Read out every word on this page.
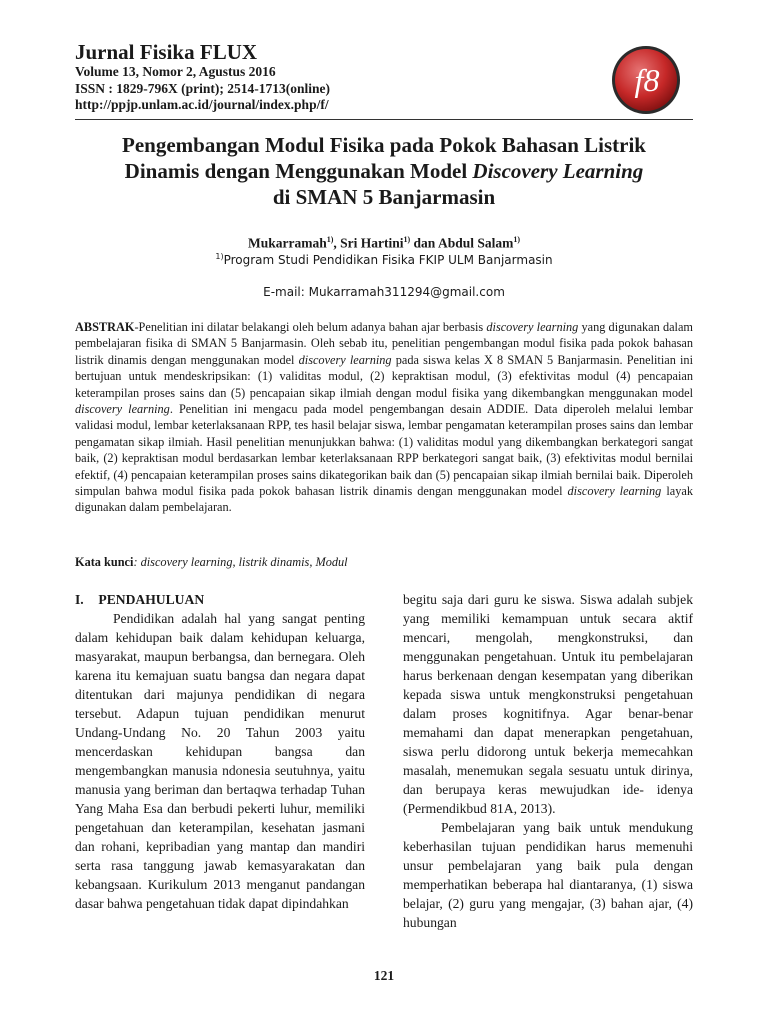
Jurnal Fisika FLUX
Volume 13, Nomor 2, Agustus 2016
ISSN : 1829-796X (print); 2514-1713(online)
http://ppjp.unlam.ac.id/journal/index.php/f/
f8
Pengembangan Modul Fisika pada Pokok Bahasan Listrik
Dinamis dengan Menggunakan Model Discovery Learning
di SMAN 5 Banjarmasin
Mukarramah$^{1)}$, Sri Hartini$^{1)}$ dan Abdul Salam$^{1)}$
$^{1)}$Program Studi Pendidikan Fisika FKIP ULM Banjarmasin
E-mail: Mukarramah311294@gmail.com
ABSTRAK-Penelitian ini dilatar belakangi oleh belum adanya bahan ajar berbasis discovery learning yang digunakan dalam pembelajaran fisika di SMAN 5 Banjarmasin. Oleh sebab itu, penelitian pengembangan modul fisika pada pokok bahasan listrik dinamis dengan menggunakan model discovery learning pada siswa kelas X 8 SMAN 5 Banjarmasin. Penelitian ini bertujuan untuk mendeskripsikan: (1) validitas modul, (2) kepraktisan modul, (3) efektivitas modul (4) pencapaian keterampilan proses sains dan (5) pencapaian sikap ilmiah dengan modul fisika yang dikembangkan menggunakan model discovery learning. Penelitian ini mengacu pada model pengembangan desain ADDIE. Data diperoleh melalui lembar validasi modul, lembar keterlaksanaan RPP, tes hasil belajar siswa, lembar pengamatan keterampilan proses sains dan lembar pengamatan sikap ilmiah. Hasil penelitian menunjukkan bahwa: (1) validitas modul yang dikembangkan berkategori sangat baik, (2) kepraktisan modul berdasarkan lembar keterlaksanaan RPP berkategori sangat baik, (3) efektivitas modul bernilai efektif, (4) pencapaian keterampilan proses sains dikategorikan baik dan (5) pencapaian sikap ilmiah bernilai baik. Diperoleh simpulan bahwa modul fisika pada pokok bahasan listrik dinamis dengan menggunakan model discovery learning layak digunakan dalam pembelajaran.
Kata kunci: discovery learning, listrik dinamis, Modul
I. PENDAHULUAN

Pendidikan adalah hal yang sangat penting dalam kehidupan baik dalam kehidupan keluarga, masyarakat, maupun berbangsa, dan bernegara. Oleh karena itu kemajuan suatu bangsa dan negara dapat ditentukan dari majunya pendidikan di negara tersebut. Adapun tujuan pendidikan menurut Undang-Undang No. 20 Tahun 2003 yaitu mencerdaskan kehidupan bangsa dan mengembangkan manusia ndonesia seutuhnya, yaitu manusia yang beriman dan bertaqwa terhadap Tuhan Yang Maha Esa dan berbudi pekerti luhur, memiliki pengetahuan dan keterampilan, kesehatan jasmani dan rohani, kepribadian yang mantap dan mandiri serta rasa tanggung jawab kemasyarakatan dan kebangsaan. Kurikulum 2013 menganut pandangan dasar bahwa pengetahuan tidak dapat dipindahkan

begitu saja dari guru ke siswa. Siswa adalah subjek yang memiliki kemampuan untuk secara aktif mencari, mengolah, mengkonstruksi, dan menggunakan pengetahuan. Untuk itu pembelajaran harus berkenaan dengan kesempatan yang diberikan kepada siswa untuk mengkonstruksi pengetahuan dalam proses kognitifnya. Agar benar-benar memahami dan dapat menerapkan pengetahuan, siswa perlu didorong untuk bekerja memecahkan masalah, menemukan segala sesuatu untuk dirinya, dan berupaya keras mewujudkan ide- idenya (Permendikbud 81A, 2013).

Pembelajaran yang baik untuk mendukung keberhasilan tujuan pendidikan harus memenuhi unsur pembelajaran yang baik pula dengan memperhatikan beberapa hal diantaranya, (1) siswa belajar, (2) guru yang mengajar, (3) bahan ajar, (4) hubungan

121
